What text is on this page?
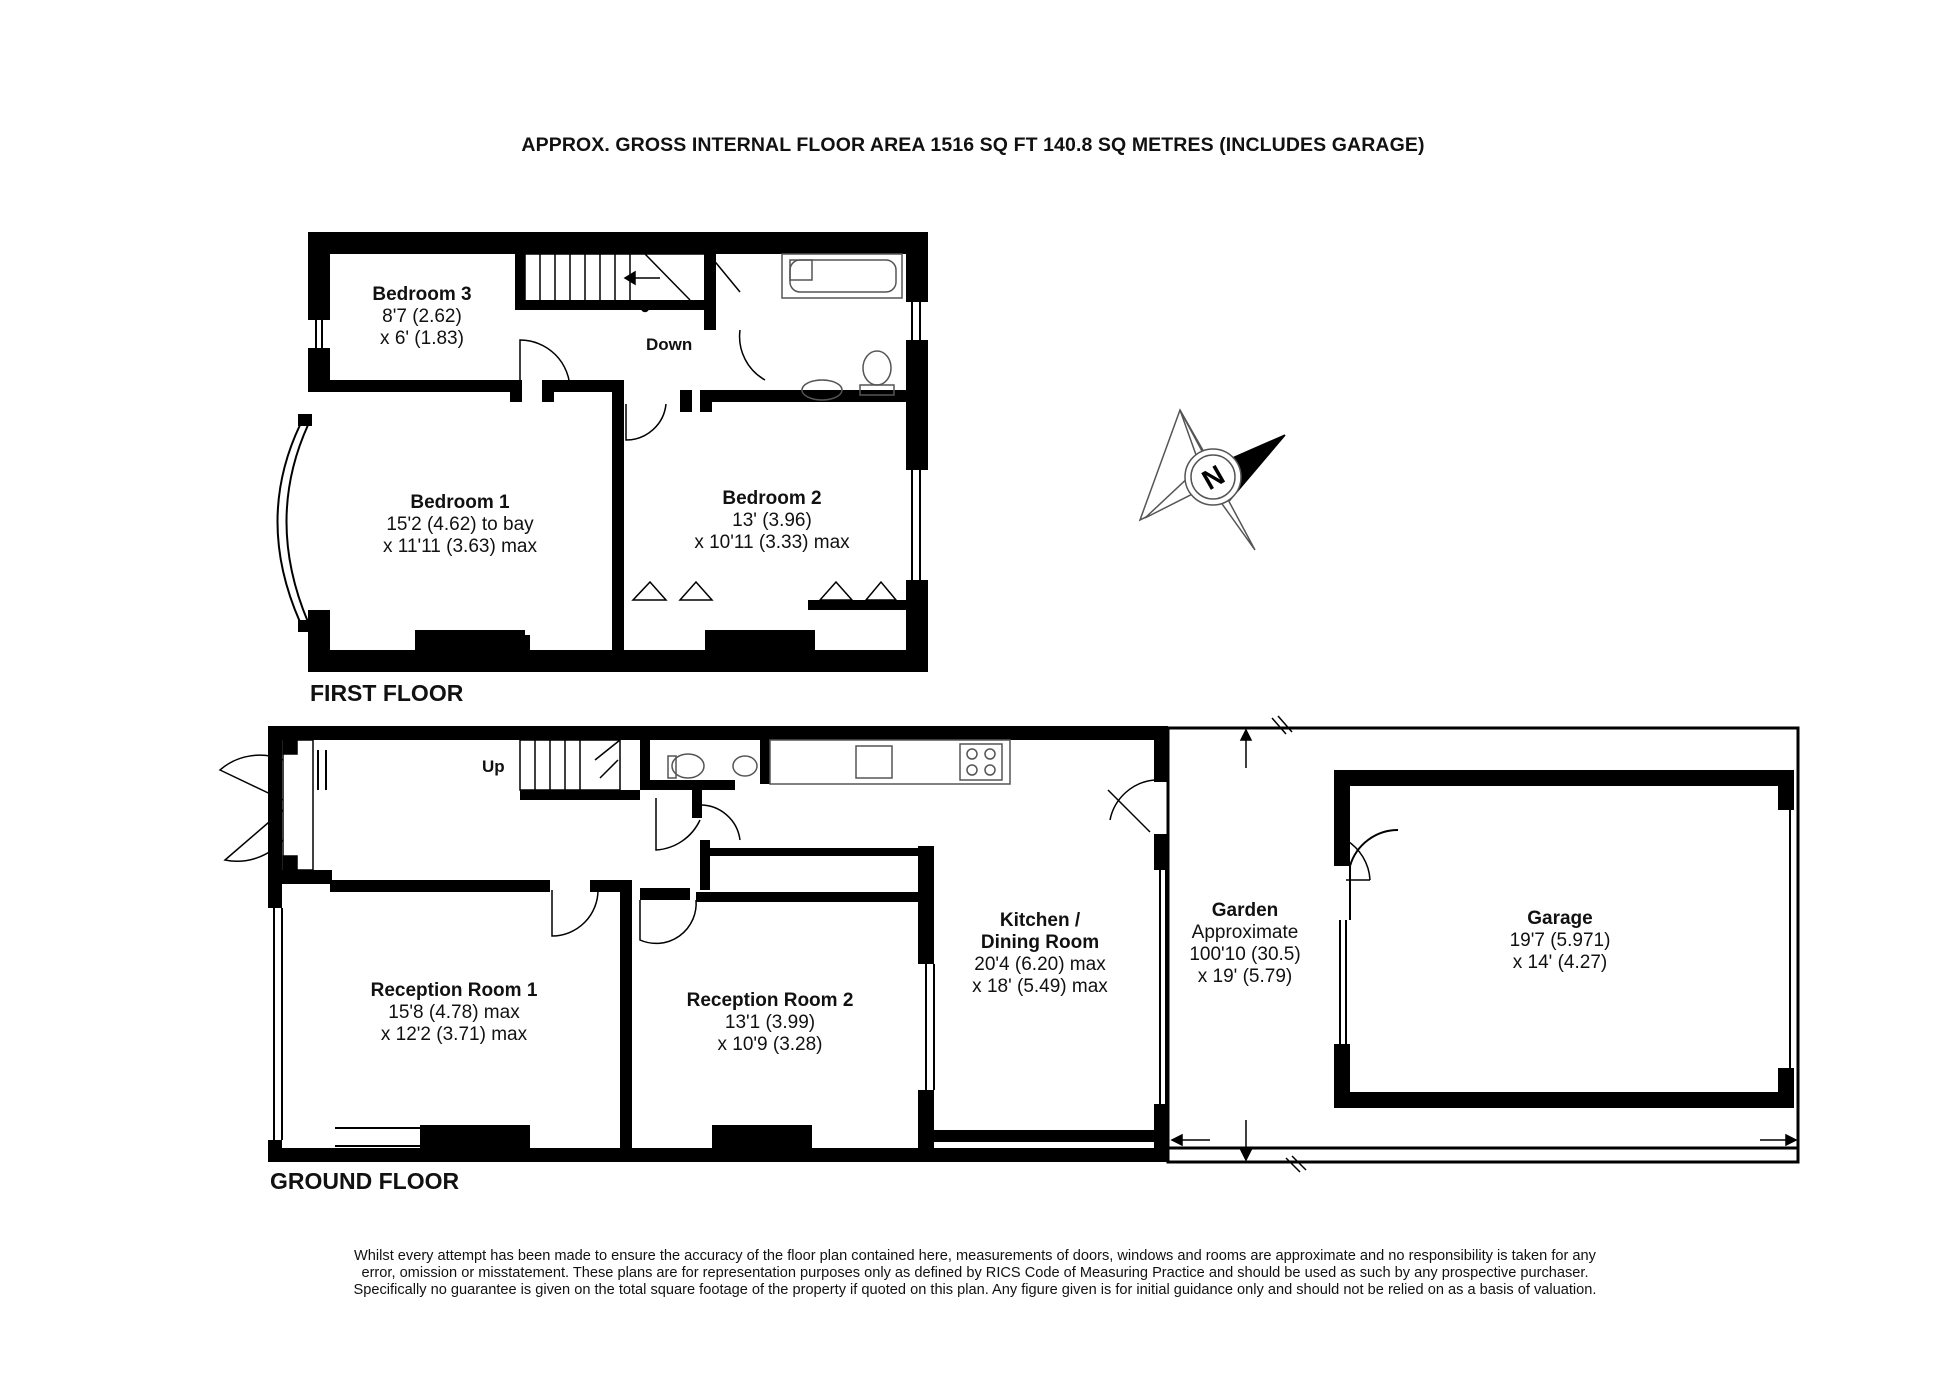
N
APPROX. GROSS INTERNAL FLOOR AREA 1516 SQ FT 140.8 SQ METRES (INCLUDES GARAGE)
FIRST FLOOR
GROUND FLOOR
Bedroom 3
8'7 (2.62)
x 6' (1.83)
Bedroom 1
15'2 (4.62) to bay
x 11'11 (3.63) max
Bedroom 2
13' (3.96)
x 10'11 (3.33) max
Down
Up
Reception Room 1
15'8 (4.78) max
x 12'2 (3.71) max
Reception Room 2
13'1 (3.99)
x 10'9 (3.28)
Kitchen /
Dining Room
20'4 (6.20) max
x 18' (5.49) max
Garden
Approximate
100'10 (30.5)
x 19' (5.79)
Garage
19'7 (5.971)
x 14' (4.27)
Whilst every attempt has been made to ensure the accuracy of the floor plan contained here, measurements of doors, windows and rooms are approximate and no responsibility is taken for any
error, omission or misstatement. These plans are for representation purposes only as defined by RICS Code of Measuring Practice and should be used as such by any prospective purchaser.
Specifically no guarantee is given on the total square footage of the property if quoted on this plan. Any figure given is for initial guidance only and should not be relied on as a basis of valuation.
